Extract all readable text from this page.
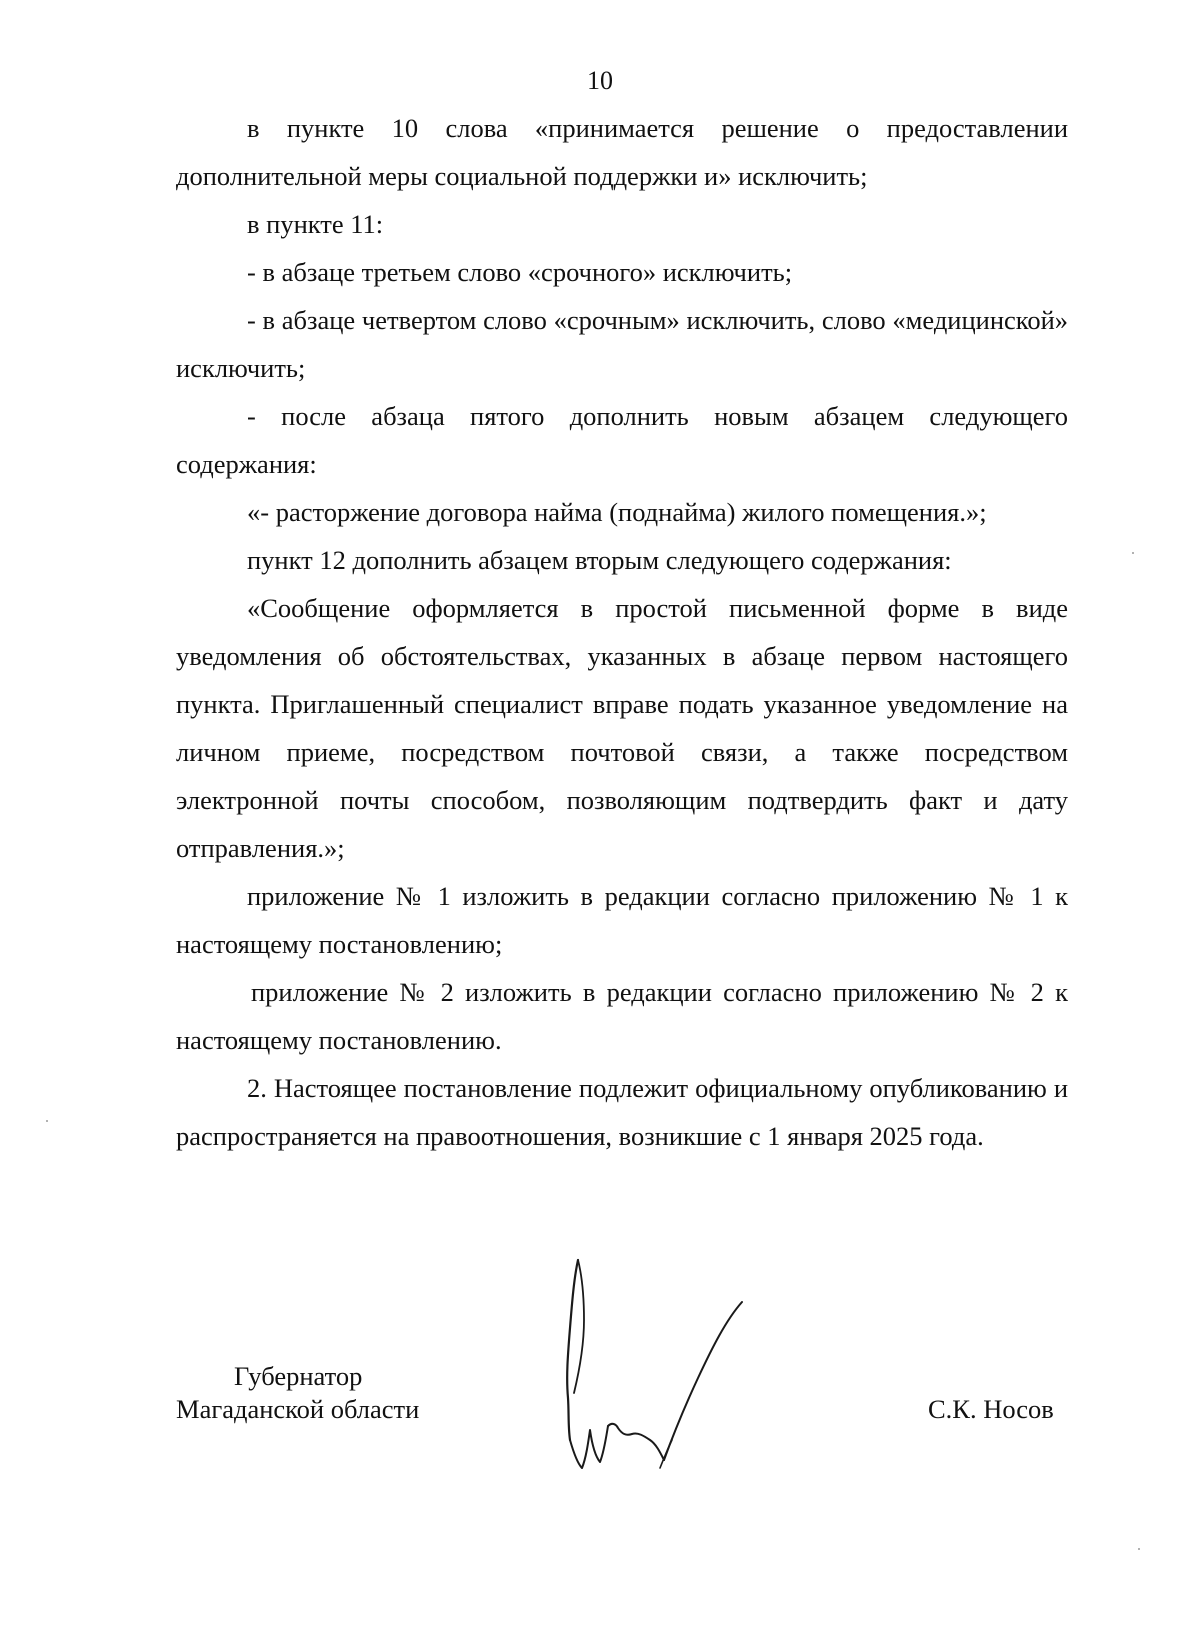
10

в пункте 10 слова «принимается решение о предоставлении дополнительной меры социальной поддержки и» исключить;

в пункте 11:

- в абзаце третьем слово «срочного» исключить;

- в абзаце четвертом слово «срочным» исключить, слово «медицинской» исключить;

- после абзаца пятого дополнить новым абзацем следующего содержания:

«- расторжение договора найма (поднайма) жилого помещения.»;

пункт 12 дополнить абзацем вторым следующего содержания:

«Сообщение оформляется в простой письменной форме в виде уведомления об обстоятельствах, указанных в абзаце первом настоящего пункта. Приглашенный специалист вправе подать указанное уведомление на личном приеме, посредством почтовой связи, а также посредством электронной почты способом, позволяющим подтвердить факт и дату отправления.»;

приложение № 1 изложить в редакции согласно приложению № 1 к настоящему постановлению;

приложение № 2 изложить в редакции согласно приложению № 2 к настоящему постановлению.

2. Настоящее постановление подлежит официальному опубликованию и распространяется на правоотношения, возникшие с 1 января 2025 года.

Губернатор
Магаданской области	С.К. Носов
